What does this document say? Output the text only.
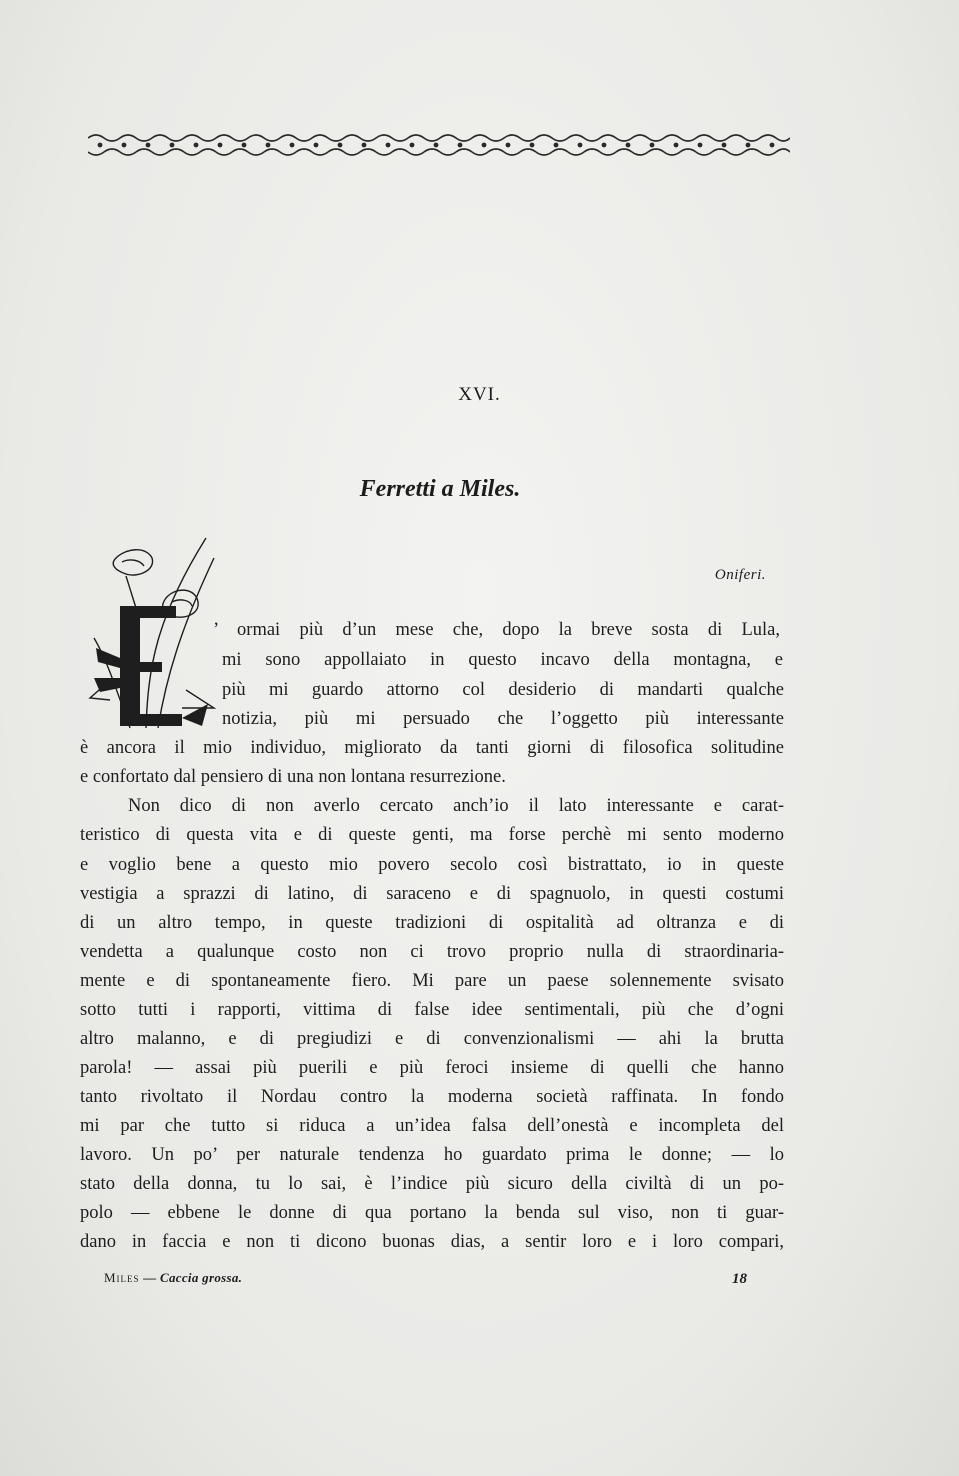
XVI.
Ferretti a Miles.
Oniferi.
’ ormai più d’un mese che, dopo la breve sosta di Lula,
mi sono appollaiato in questo incavo della montagna, e
più mi guardo attorno col desiderio di mandarti qualche
notizia, più mi persuado che l’oggetto più interessante
è ancora il mio individuo, migliorato da tanti giorni di filosofica solitudine
e confortato dal pensiero di una non lontana resurrezione.
Non dico di non averlo cercato anch’io il lato interessante e carat-
teristico di questa vita e di queste genti, ma forse perchè mi sento moderno
e voglio bene a questo mio povero secolo così bistrattato, io in queste
vestigia a sprazzi di latino, di saraceno e di spagnuolo, in questi costumi
di un altro tempo, in queste tradizioni di ospitalità ad oltranza e di
vendetta a qualunque costo non ci trovo proprio nulla di straordinaria-
mente e di spontaneamente fiero. Mi pare un paese solennemente svisato
sotto tutti i rapporti, vittima di false idee sentimentali, più che d’ogni
altro malanno, e di pregiudizi e di convenzionalismi — ahi la brutta
parola! — assai più puerili e più feroci insieme di quelli che hanno
tanto rivoltato il Nordau contro la moderna società raffinata. In fondo
mi par che tutto si riduca a un’idea falsa dell’onestà e incompleta del
lavoro. Un po’ per naturale tendenza ho guardato prima le donne; — lo
stato della donna, tu lo sai, è l’indice più sicuro della civiltà di un po-
polo — ebbene le donne di qua portano la benda sul viso, non ti guar-
dano in faccia e non ti dicono buonas dias, a sentir loro e i loro compari,
Miles — Caccia grossa.	18
